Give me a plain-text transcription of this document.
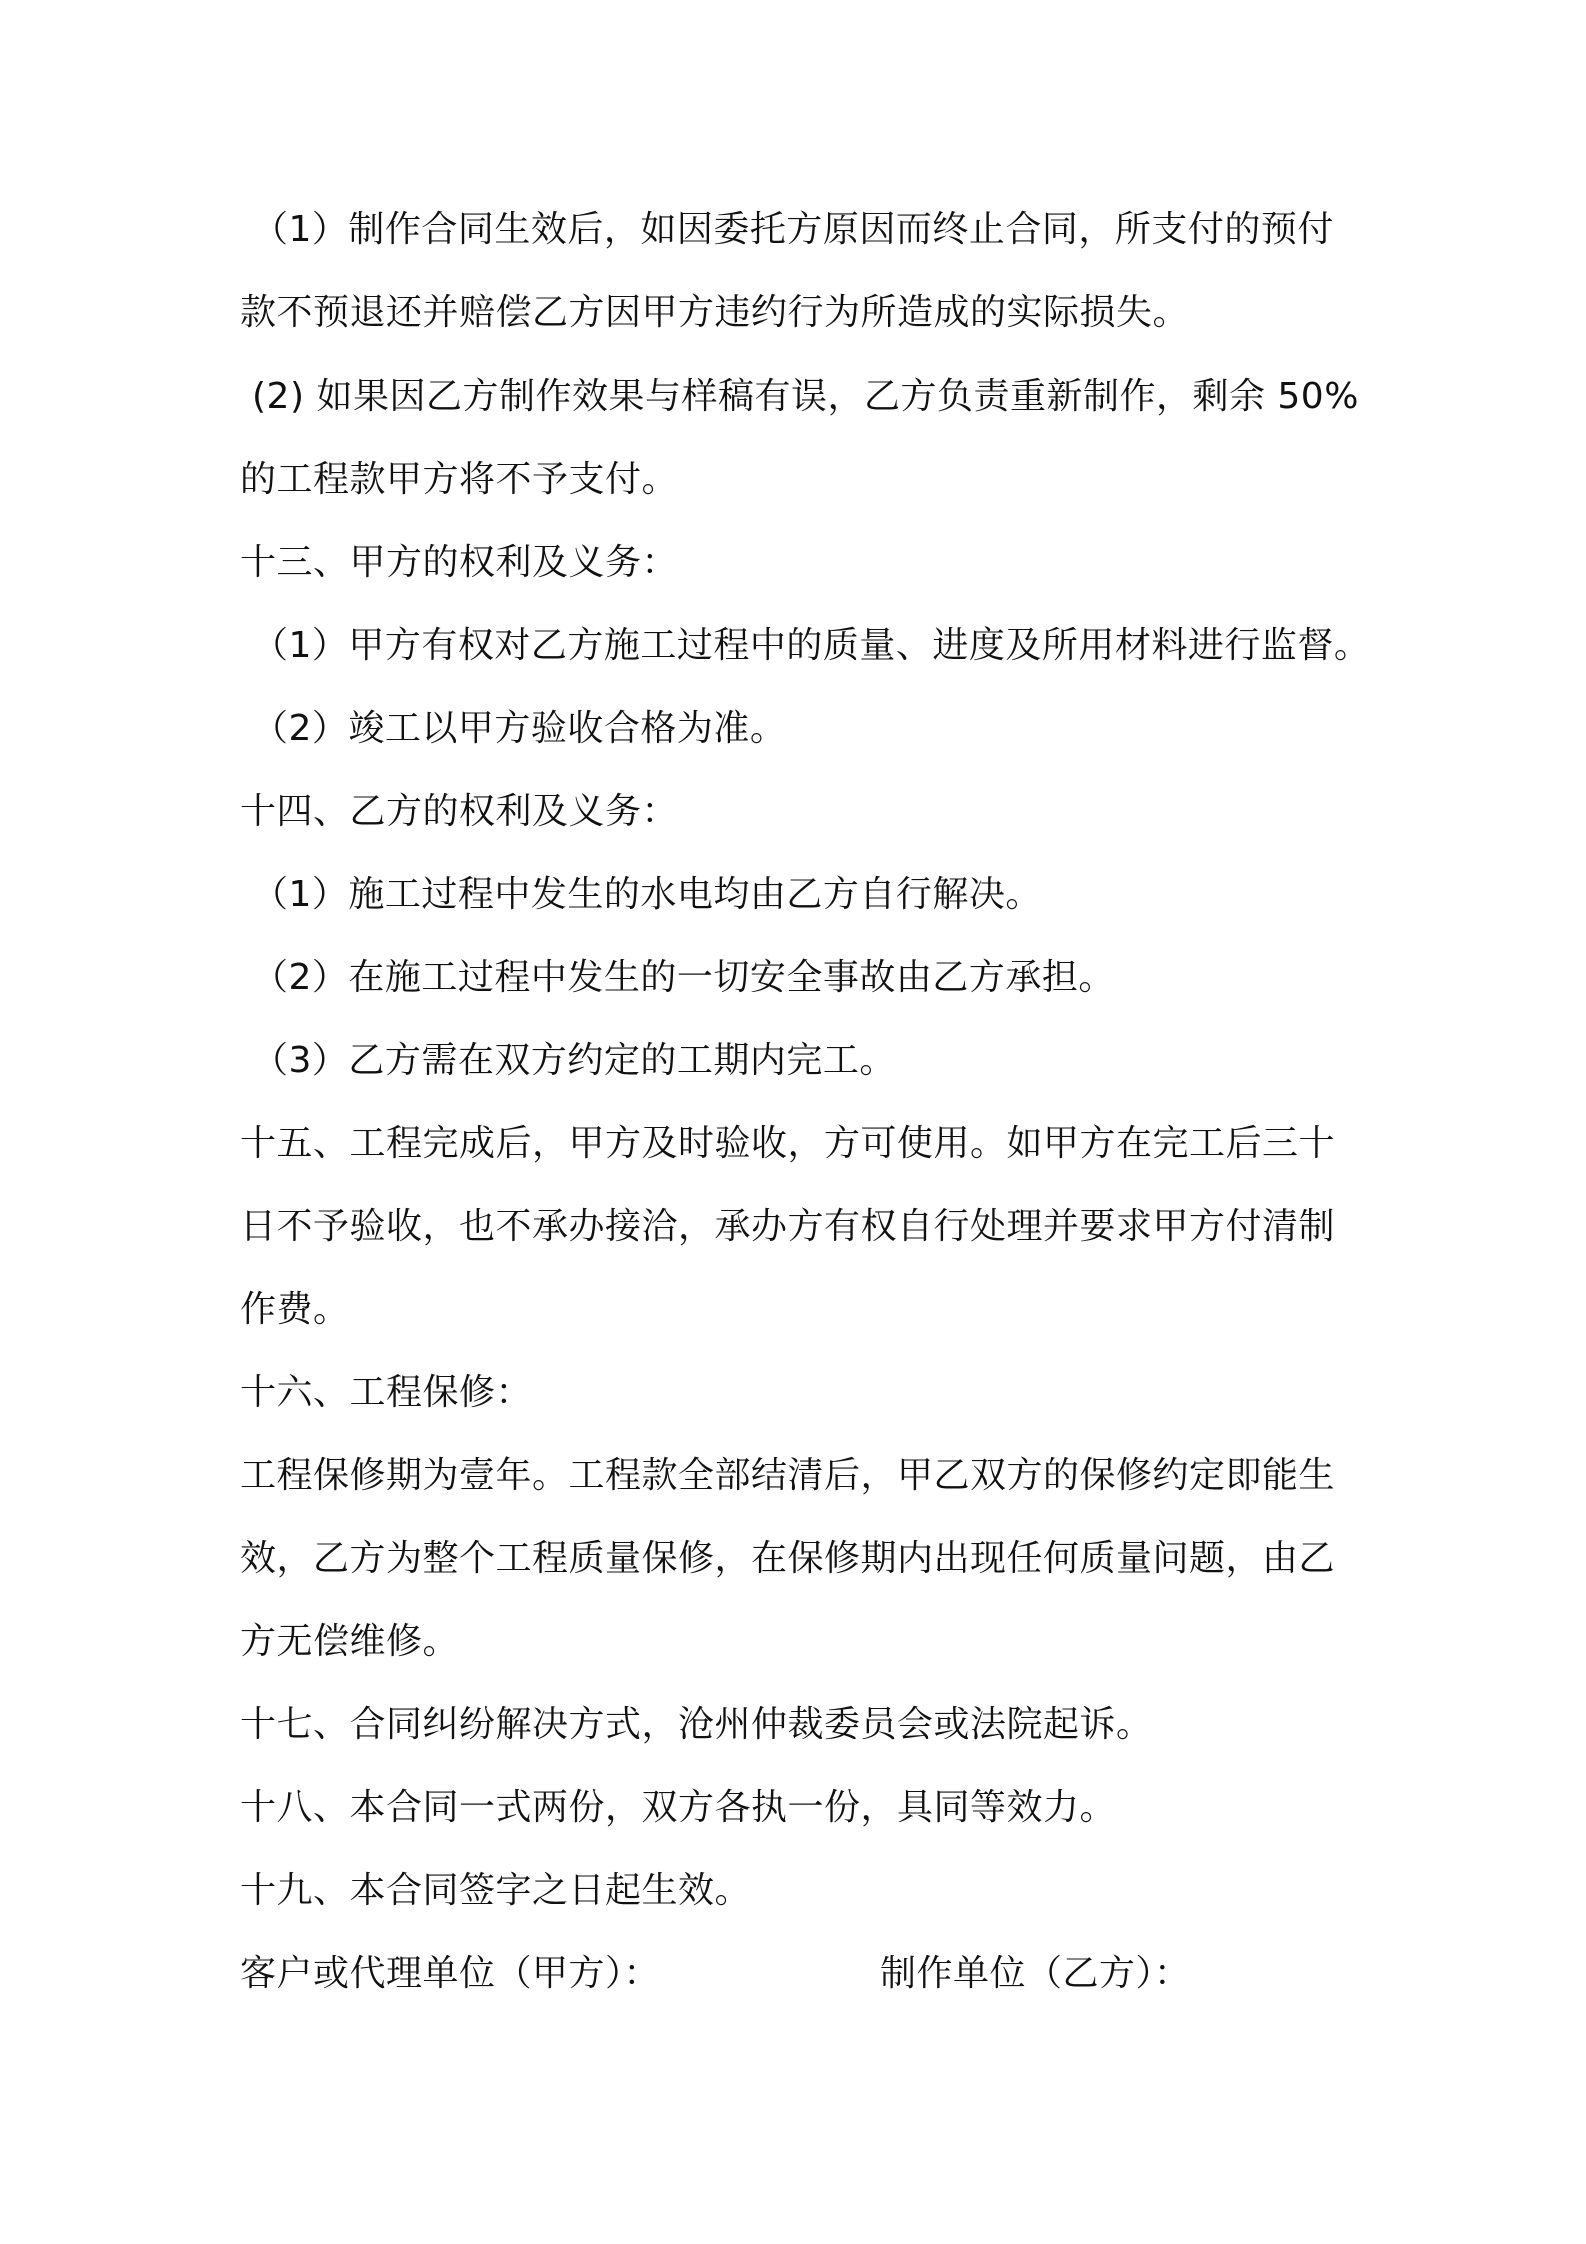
（1）制作合同生效后，如因委托方原因而终止合同，所支付的预付
款不预退还并赔偿乙方因甲方违约行为所造成的实际损失。
(2) 如果因乙方制作效果与样稿有误，乙方负责重新制作，剩余 50%
的工程款甲方将不予支付。
十三、甲方的权利及义务：
（1）甲方有权对乙方施工过程中的质量、进度及所用材料进行监督。
（2）竣工以甲方验收合格为准。
十四、乙方的权利及义务：
（1）施工过程中发生的水电均由乙方自行解决。
（2）在施工过程中发生的一切安全事故由乙方承担。
（3）乙方需在双方约定的工期内完工。
十五、工程完成后，甲方及时验收，方可使用。如甲方在完工后三十
日不予验收，也不承办接洽，承办方有权自行处理并要求甲方付清制
作费。
十六、工程保修：
工程保修期为壹年。工程款全部结清后，甲乙双方的保修约定即能生
效，乙方为整个工程质量保修，在保修期内出现任何质量问题，由乙
方无偿维修。
十七、合同纠纷解决方式，沧州仲裁委员会或法院起诉。
十八、本合同一式两份，双方各执一份，具同等效力。
十九、本合同签字之日起生效。
客户或代理单位（甲方）：	制作单位（乙方）：
